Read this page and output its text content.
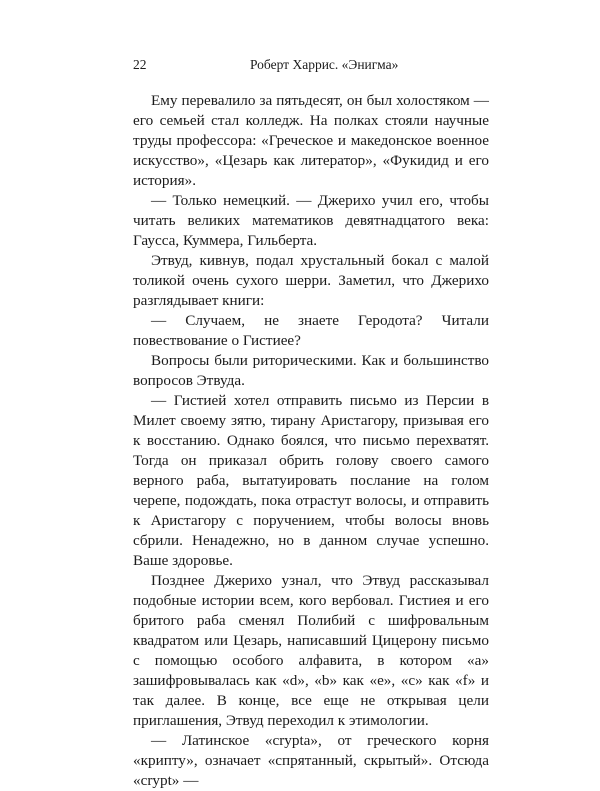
22	Роберт Харрис. «Энигма»

Ему перевалило за пятьдесят, он был холостяком — его семьей стал колледж. На полках стояли научные труды профессора: «Греческое и македонское военное искусство», «Цезарь как литератор», «Фукидид и его история».

— Только немецкий. — Джерихо учил его, чтобы читать великих математиков девятнадцатого века: Гаусса, Куммера, Гильберта.

Этвуд, кивнув, подал хрустальный бокал с малой толикой очень сухого шерри. Заметил, что Джерихо разглядывает книги:

— Случаем, не знаете Геродота? Читали повествование о Гистиее?

Вопросы были риторическими. Как и большинство вопросов Этвуда.

— Гистией хотел отправить письмо из Персии в Милет своему зятю, тирану Аристагору, призывая его к восстанию. Однако боялся, что письмо перехватят. Тогда он приказал обрить голову своего самого верного раба, вытатуировать послание на голом черепе, подождать, пока отрастут волосы, и отправить к Аристагору с поручением, чтобы волосы вновь сбрили. Ненадежно, но в данном случае успешно. Ваше здоровье.

Позднее Джерихо узнал, что Этвуд рассказывал подобные истории всем, кого вербовал. Гистиея и его бритого раба сменял Полибий с шифровальным квадратом или Цезарь, написавший Цицерону письмо с помощью особого алфавита, в котором «а» зашифровывалась как «d», «b» как «e», «c» как «f» и так далее. В конце, все еще не открывая цели приглашения, Этвуд переходил к этимологии.

— Латинское «crypta», от греческого корня «крипту», означает «спрятанный, скрытый». Отсюда «crypt» —
